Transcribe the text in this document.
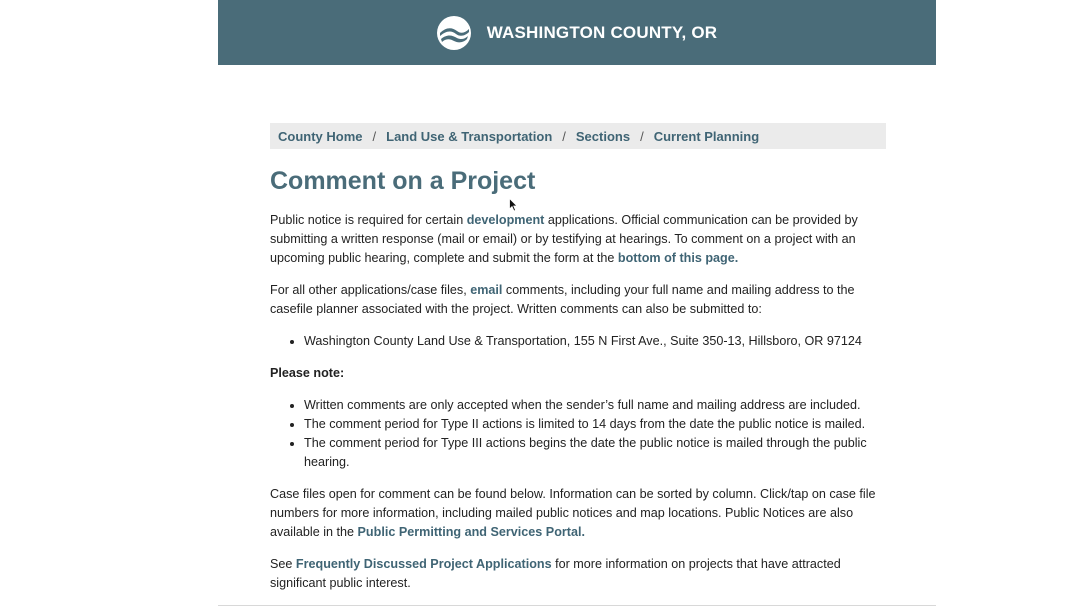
WASHINGTON COUNTY, OR
County Home / Land Use & Transportation / Sections / Current Planning
Comment on a Project

Public notice is required for certain development applications. Official communication can be provided by submitting a written response (mail or email) or by testifying at hearings. To comment on a project with an upcoming public hearing, complete and submit the form at the bottom of this page.

For all other applications/case files, email comments, including your full name and mailing address to the casefile planner associated with the project. Written comments can also be submitted to:

• Washington County Land Use & Transportation, 155 N First Ave., Suite 350-13, Hillsboro, OR 97124

Please note:

• Written comments are only accepted when the sender’s full name and mailing address are included.
• The comment period for Type II actions is limited to 14 days from the date the public notice is mailed.
• The comment period for Type III actions begins the date the public notice is mailed through the public hearing.

Case files open for comment can be found below. Information can be sorted by column. Click/tap on case file numbers for more information, including mailed public notices and map locations. Public Notices are also available in the Public Permitting and Services Portal.

See Frequently Discussed Project Applications for more information on projects that have attracted significant public interest.
